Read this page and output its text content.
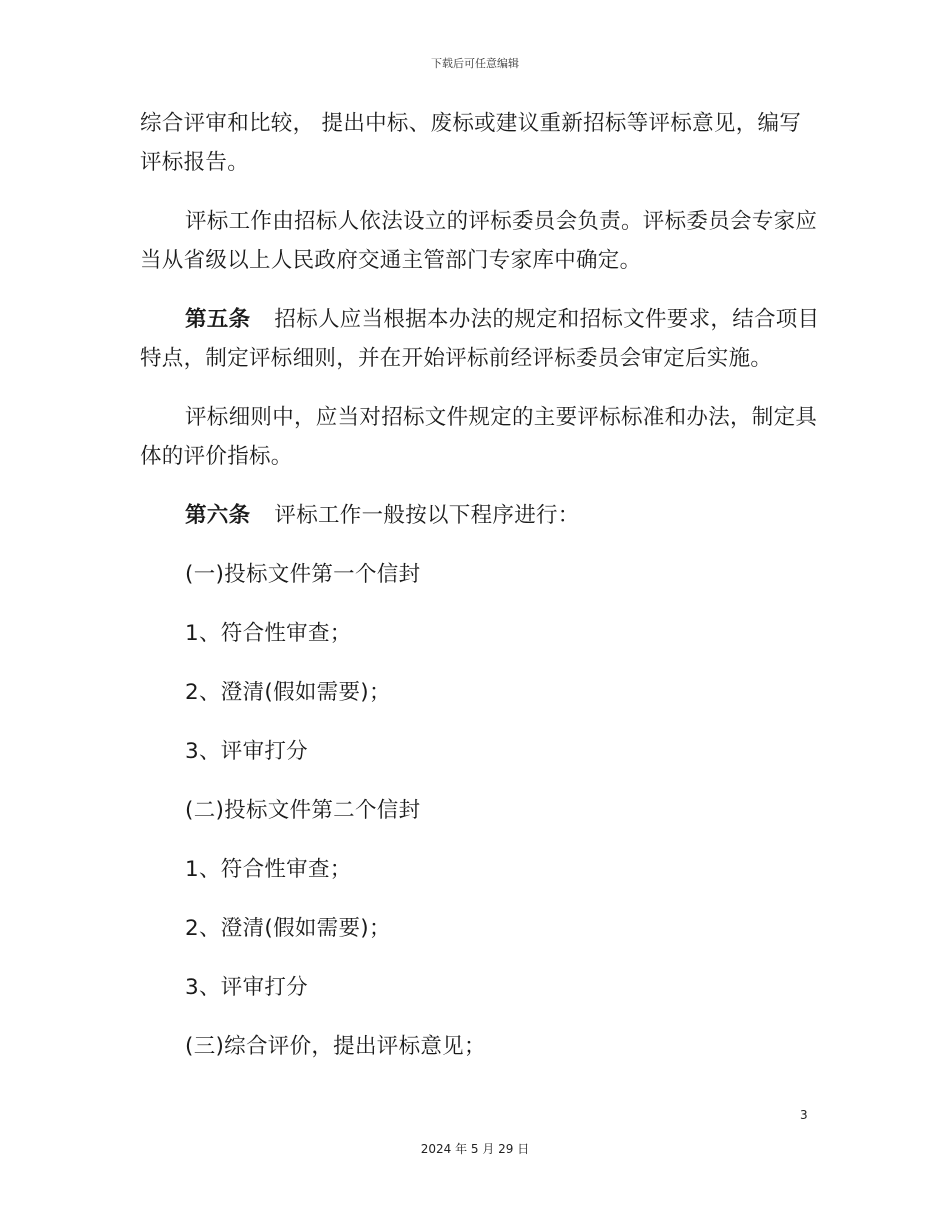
下载后可任意编辑

综合评审和比较， 提出中标、废标或建议重新招标等评标意见，编写评标报告。

评标工作由招标人依法设立的评标委员会负责。评标委员会专家应当从省级以上人民政府交通主管部门专家库中确定。

第五条 招标人应当根据本办法的规定和招标文件要求，结合项目特点，制定评标细则，并在开始评标前经评标委员会审定后实施。

评标细则中，应当对招标文件规定的主要评标标准和办法，制定具体的评价指标。

第六条 评标工作一般按以下程序进行：

(一)投标文件第一个信封
1、符合性审查；
2、澄清(假如需要)；
3、评审打分
(二)投标文件第二个信封
1、符合性审查；
2、澄清(假如需要)；
3、评审打分
(三)综合评价，提出评标意见；
3
2024 年 5 月 29 日
